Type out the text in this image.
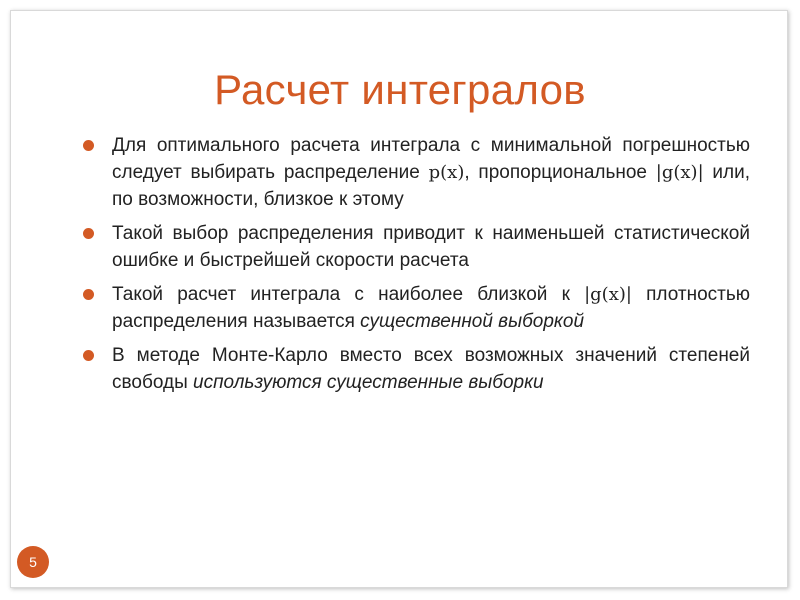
Расчет интегралов
Для оптимального расчета интеграла с минимальной погрешностью следует выбирать распределение p(x), пропорциональное |g(x)| или, по возможности, близкое к этому
Такой выбор распределения приводит к наименьшей статистической ошибке и быстрейшей скорости расчета
Такой расчет интеграла с наиболее близкой к |g(x)| плотностью распределения называется существенной выборкой
В методе Монте-Карло вместо всех возможных значений степеней свободы используются существенные выборки
5
